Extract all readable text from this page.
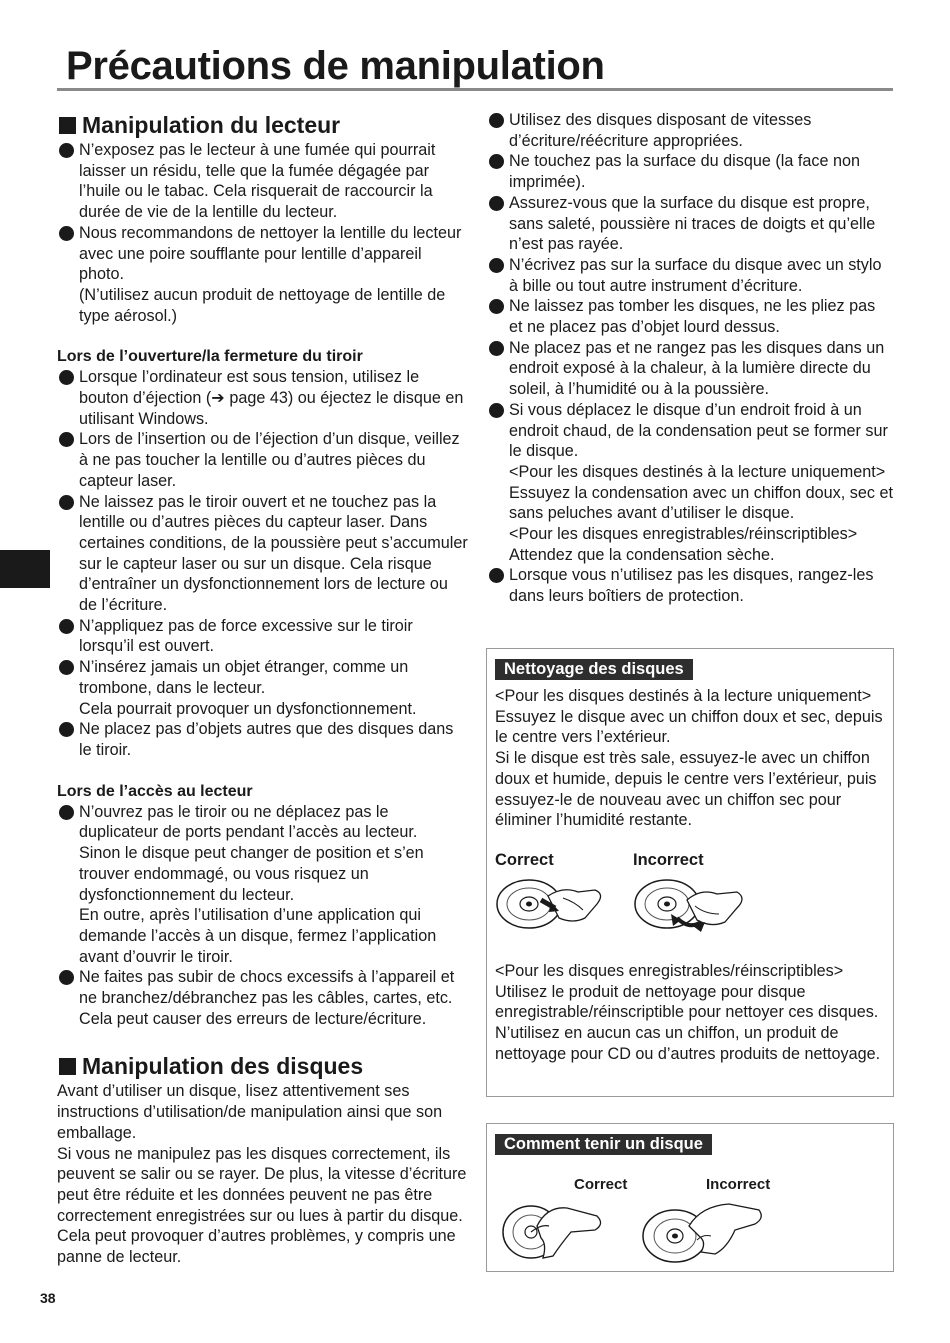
Précautions de manipulation
Manipulation du lecteur
N’exposez pas le lecteur à une fumée qui pourrait laisser un résidu, telle que la fumée dégagée par l’huile ou le tabac. Cela risquerait de raccourcir la durée de vie de la lentille du lecteur.
Nous recommandons de nettoyer la lentille du lecteur avec une poire soufflante pour lentille d’appareil photo.
(N’utilisez aucun produit de nettoyage de lentille de type aérosol.)

Lors de l’ouverture/la fermeture du tiroir

Lorsque l’ordinateur est sous tension, utilisez le bouton d’éjection (➔ page 43) ou éjectez le disque en utilisant Windows.
Lors de l’insertion ou de l’éjection d’un disque, veillez à ne pas toucher la lentille ou d’autres pièces du capteur laser.
Ne laissez pas le tiroir ouvert et ne touchez pas la lentille ou d’autres pièces du capteur laser. Dans certaines conditions, de la poussière peut s’accumuler sur le capteur laser ou sur un disque. Cela risque d’entraîner un dysfonctionnement lors de lecture ou de l’écriture.
N’appliquez pas de force excessive sur le tiroir lorsqu’il est ouvert.
N’insérez jamais un objet étranger, comme un trombone, dans le lecteur.
Cela pourrait provoquer un dysfonctionnement.
Ne placez pas d’objets autres que des disques dans le tiroir.

Lors de l’accès au lecteur

N’ouvrez pas le tiroir ou ne déplacez pas le duplicateur de ports pendant l’accès au lecteur.
Sinon le disque peut changer de position et s’en trouver endommagé, ou vous risquez un dysfonctionnement du lecteur.
En outre, après l’utilisation d’une application qui demande l’accès à un disque, fermez l’application avant d’ouvrir le tiroir.
Ne faites pas subir de chocs excessifs à l’appareil et ne branchez/débranchez pas les câbles, cartes, etc.
Cela peut causer des erreurs de lecture/écriture.
Manipulation des disques

Avant d’utiliser un disque, lisez attentivement ses instructions d’utilisation/de manipulation ainsi que son emballage.
Si vous ne manipulez pas les disques correctement, ils peuvent se salir ou se rayer. De plus, la vitesse d’écriture peut être réduite et les données peuvent ne pas être correctement enregistrées sur ou lues à partir du disque. Cela peut provoquer d’autres problèmes, y compris une panne de lecteur.

Utilisez des disques disposant de vitesses d’écriture/réécriture appropriées.
Ne touchez pas la surface du disque (la face non imprimée).
Assurez-vous que la surface du disque est propre, sans saleté, poussière ni traces de doigts et qu’elle n’est pas rayée.
N’écrivez pas sur la surface du disque avec un stylo à bille ou tout autre instrument d’écriture.
Ne laissez pas tomber les disques, ne les pliez pas et ne placez pas d’objet lourd dessus.
Ne placez pas et ne rangez pas les disques dans un endroit exposé à la chaleur, à la lumière directe du soleil, à l’humidité ou à la poussière.
Si vous déplacez le disque d’un endroit froid à un endroit chaud, de la condensation peut se former sur le disque.
<Pour les disques destinés à la lecture uniquement>
Essuyez la condensation avec un chiffon doux, sec et sans peluches avant d’utiliser le disque.
<Pour les disques enregistrables/réinscriptibles>
Attendez que la condensation sèche.
Lorsque vous n’utilisez pas les disques, rangez-les dans leurs boîtiers de protection.
Nettoyage des disques

<Pour les disques destinés à la lecture uniquement>
Essuyez le disque avec un chiffon doux et sec, depuis le centre vers l’extérieur.
Si le disque est très sale, essuyez-le avec un chiffon doux et humide, depuis le centre vers l’extérieur, puis essuyez-le de nouveau avec un chiffon sec pour éliminer l’humidité restante.

Correct	Incorrect

<Pour les disques enregistrables/réinscriptibles>
Utilisez le produit de nettoyage pour disque enregistrable/réinscriptible pour nettoyer ces disques.
N’utilisez en aucun cas un chiffon, un produit de nettoyage pour CD ou d’autres produits de nettoyage.

Comment tenir un disque
Correct	Incorrect
38
